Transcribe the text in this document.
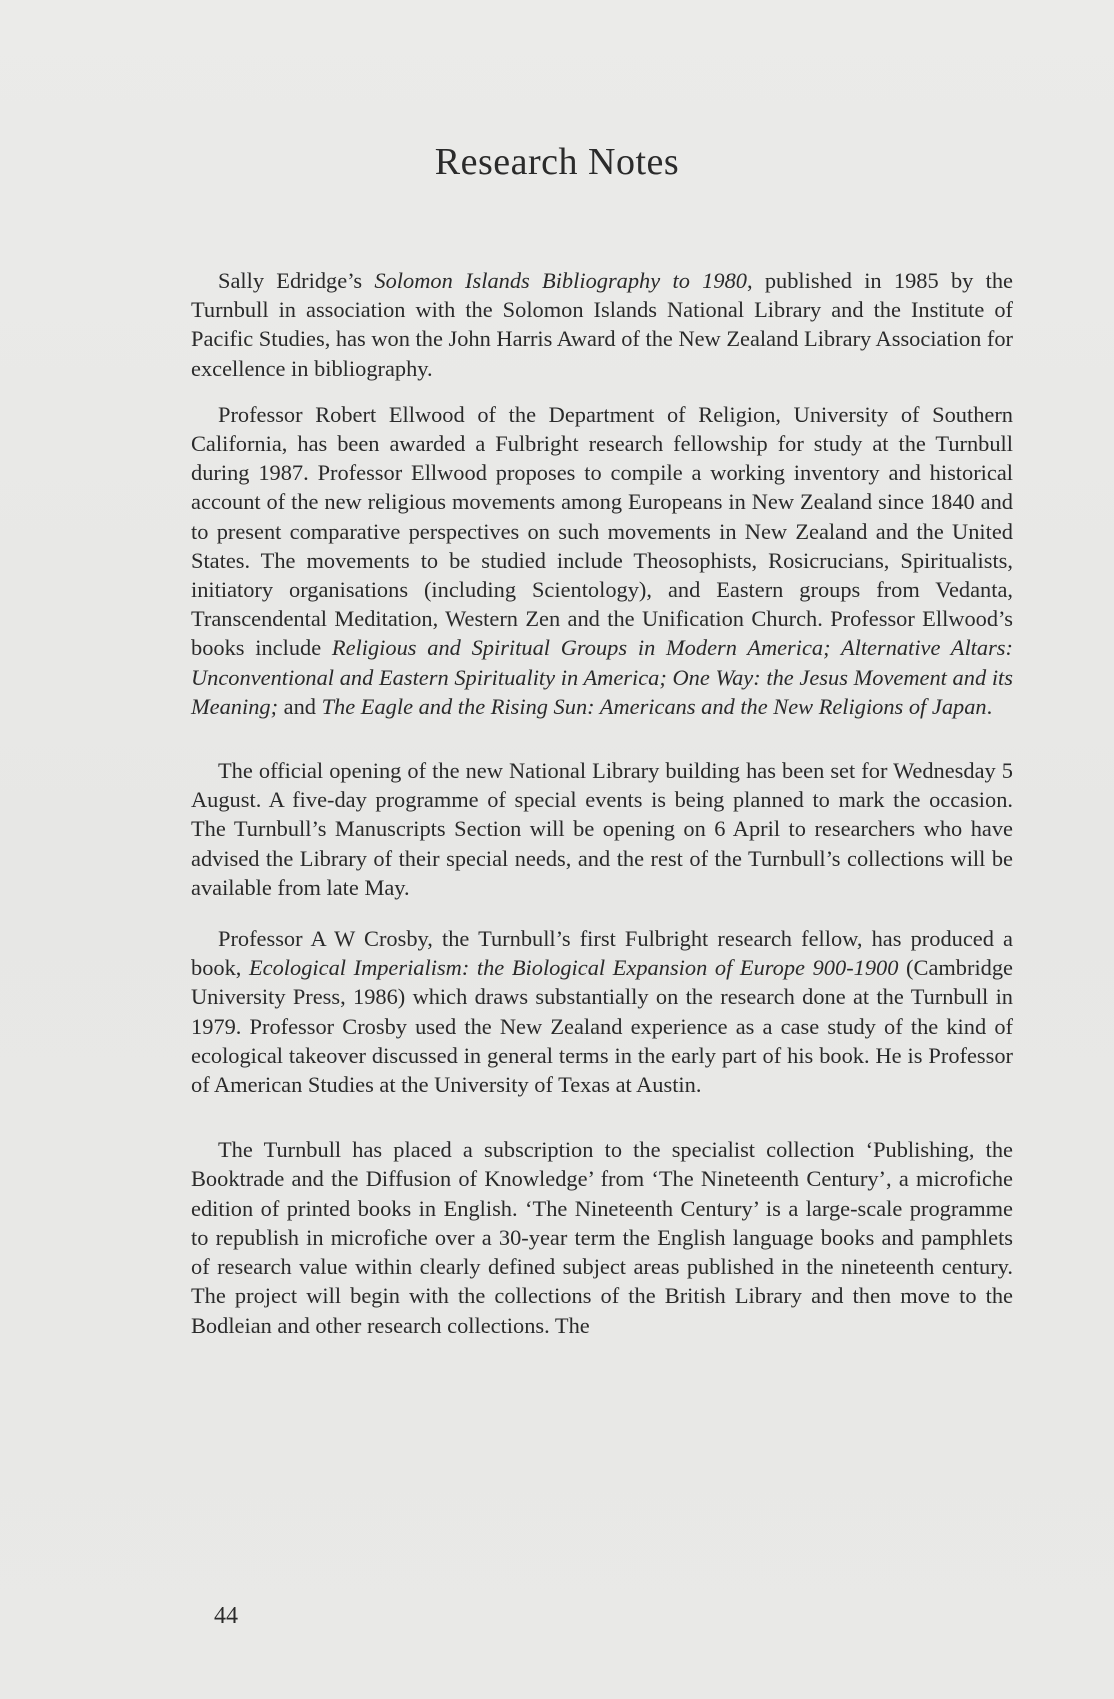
Research Notes

Sally Edridge’s Solomon Islands Bibliography to 1980, published in 1985 by the Turnbull in association with the Solomon Islands National Library and the Institute of Pacific Studies, has won the John Harris Award of the New Zealand Library Association for excellence in bibliography.

Professor Robert Ellwood of the Department of Religion, University of Southern California, has been awarded a Fulbright research fellowship for study at the Turnbull during 1987. Professor Ellwood proposes to compile a working inventory and historical account of the new religious movements among Europeans in New Zealand since 1840 and to present comparative perspectives on such movements in New Zealand and the United States. The movements to be studied include Theosophists, Rosicrucians, Spiritualists, initiatory organisations (including Scientology), and Eastern groups from Vedanta, Transcendental Meditation, Western Zen and the Unification Church. Professor Ellwood’s books include Religious and Spiritual Groups in Modern America; Alternative Altars: Unconventional and Eastern Spirituality in America; One Way: the Jesus Movement and its Meaning; and The Eagle and the Rising Sun: Americans and the New Religions of Japan.

The official opening of the new National Library building has been set for Wednesday 5 August. A five-day programme of special events is being planned to mark the occasion. The Turnbull’s Manuscripts Section will be opening on 6 April to researchers who have advised the Library of their special needs, and the rest of the Turnbull’s collections will be available from late May.

Professor A W Crosby, the Turnbull’s first Fulbright research fellow, has produced a book, Ecological Imperialism: the Biological Expansion of Europe 900-1900 (Cambridge University Press, 1986) which draws substantially on the research done at the Turnbull in 1979. Professor Crosby used the New Zealand experience as a case study of the kind of ecological takeover discussed in general terms in the early part of his book. He is Professor of American Studies at the University of Texas at Austin.

The Turnbull has placed a subscription to the specialist collection ‘Publishing, the Booktrade and the Diffusion of Knowledge’ from ‘The Nineteenth Century’, a microfiche edition of printed books in English. ‘The Nineteenth Century’ is a large-scale programme to republish in microfiche over a 30-year term the English language books and pamphlets of research value within clearly defined subject areas published in the nineteenth century. The project will begin with the collections of the British Library and then move to the Bodleian and other research collections. The

44
